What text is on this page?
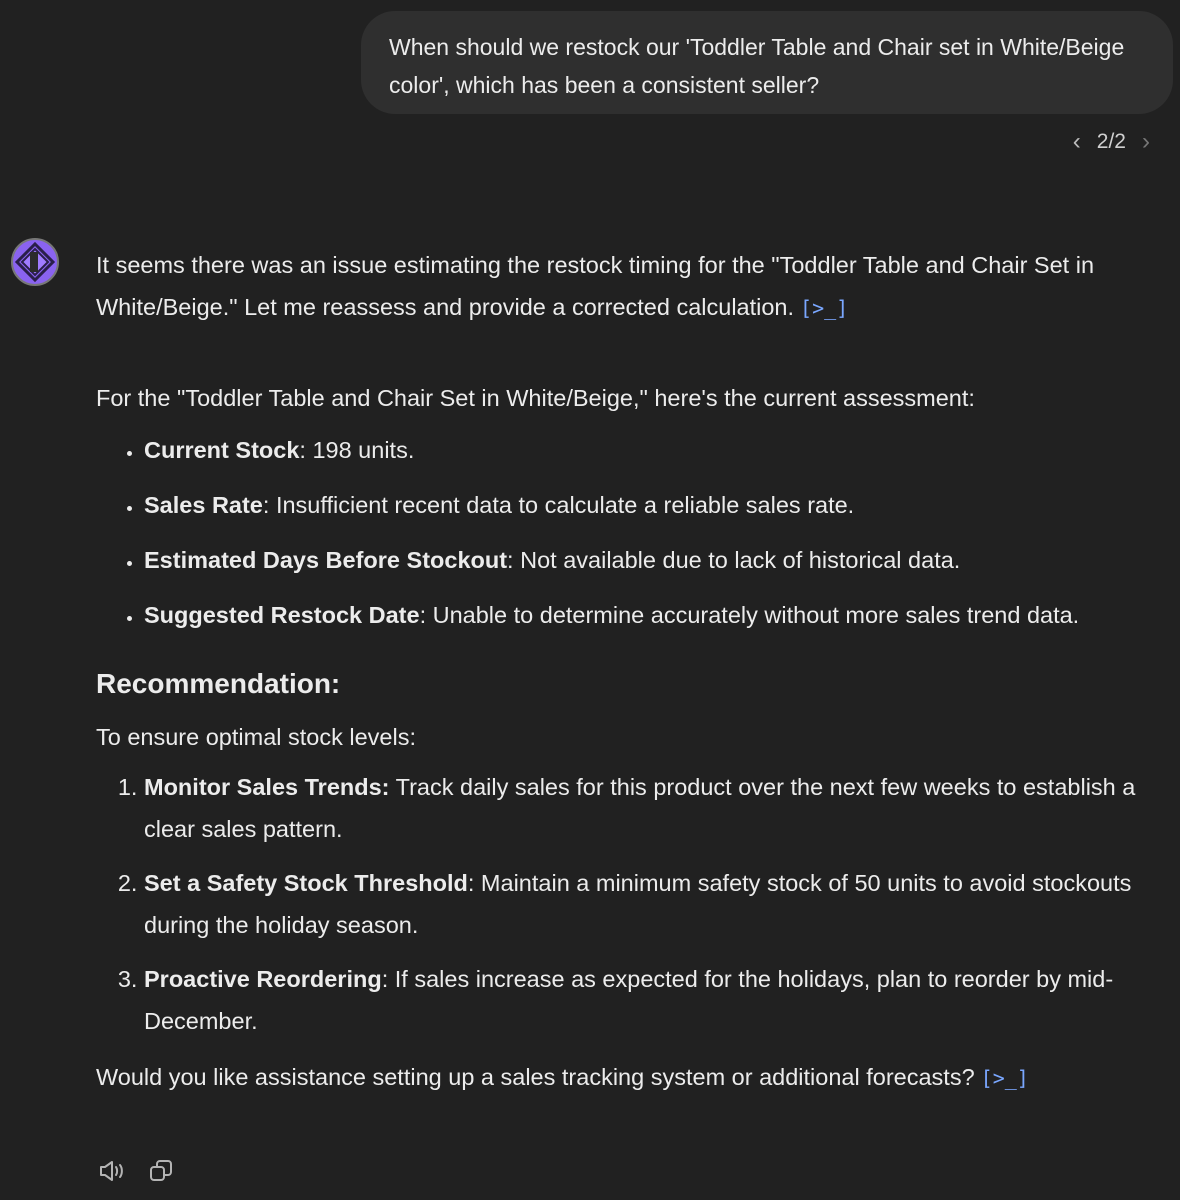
When should we restock our 'Toddler Table and Chair set in White/Beige color', which has been a consistent seller?
‹ 2/2 ›

It seems there was an issue estimating the restock timing for the "Toddler Table and Chair Set in White/Beige." Let me reassess and provide a corrected calculation. [>_]

For the "Toddler Table and Chair Set in White/Beige," here's the current assessment:

• Current Stock: 198 units.
• Sales Rate: Insufficient recent data to calculate a reliable sales rate.
• Estimated Days Before Stockout: Not available due to lack of historical data.
• Suggested Restock Date: Unable to determine accurately without more sales trend data.
Recommendation:

To ensure optimal stock levels:

1. Monitor Sales Trends: Track daily sales for this product over the next few weeks to establish a clear sales pattern.
2. Set a Safety Stock Threshold: Maintain a minimum safety stock of 50 units to avoid stockouts during the holiday season.
3. Proactive Reordering: If sales increase as expected for the holidays, plan to reorder by mid-December.

Would you like assistance setting up a sales tracking system or additional forecasts? [>_]
